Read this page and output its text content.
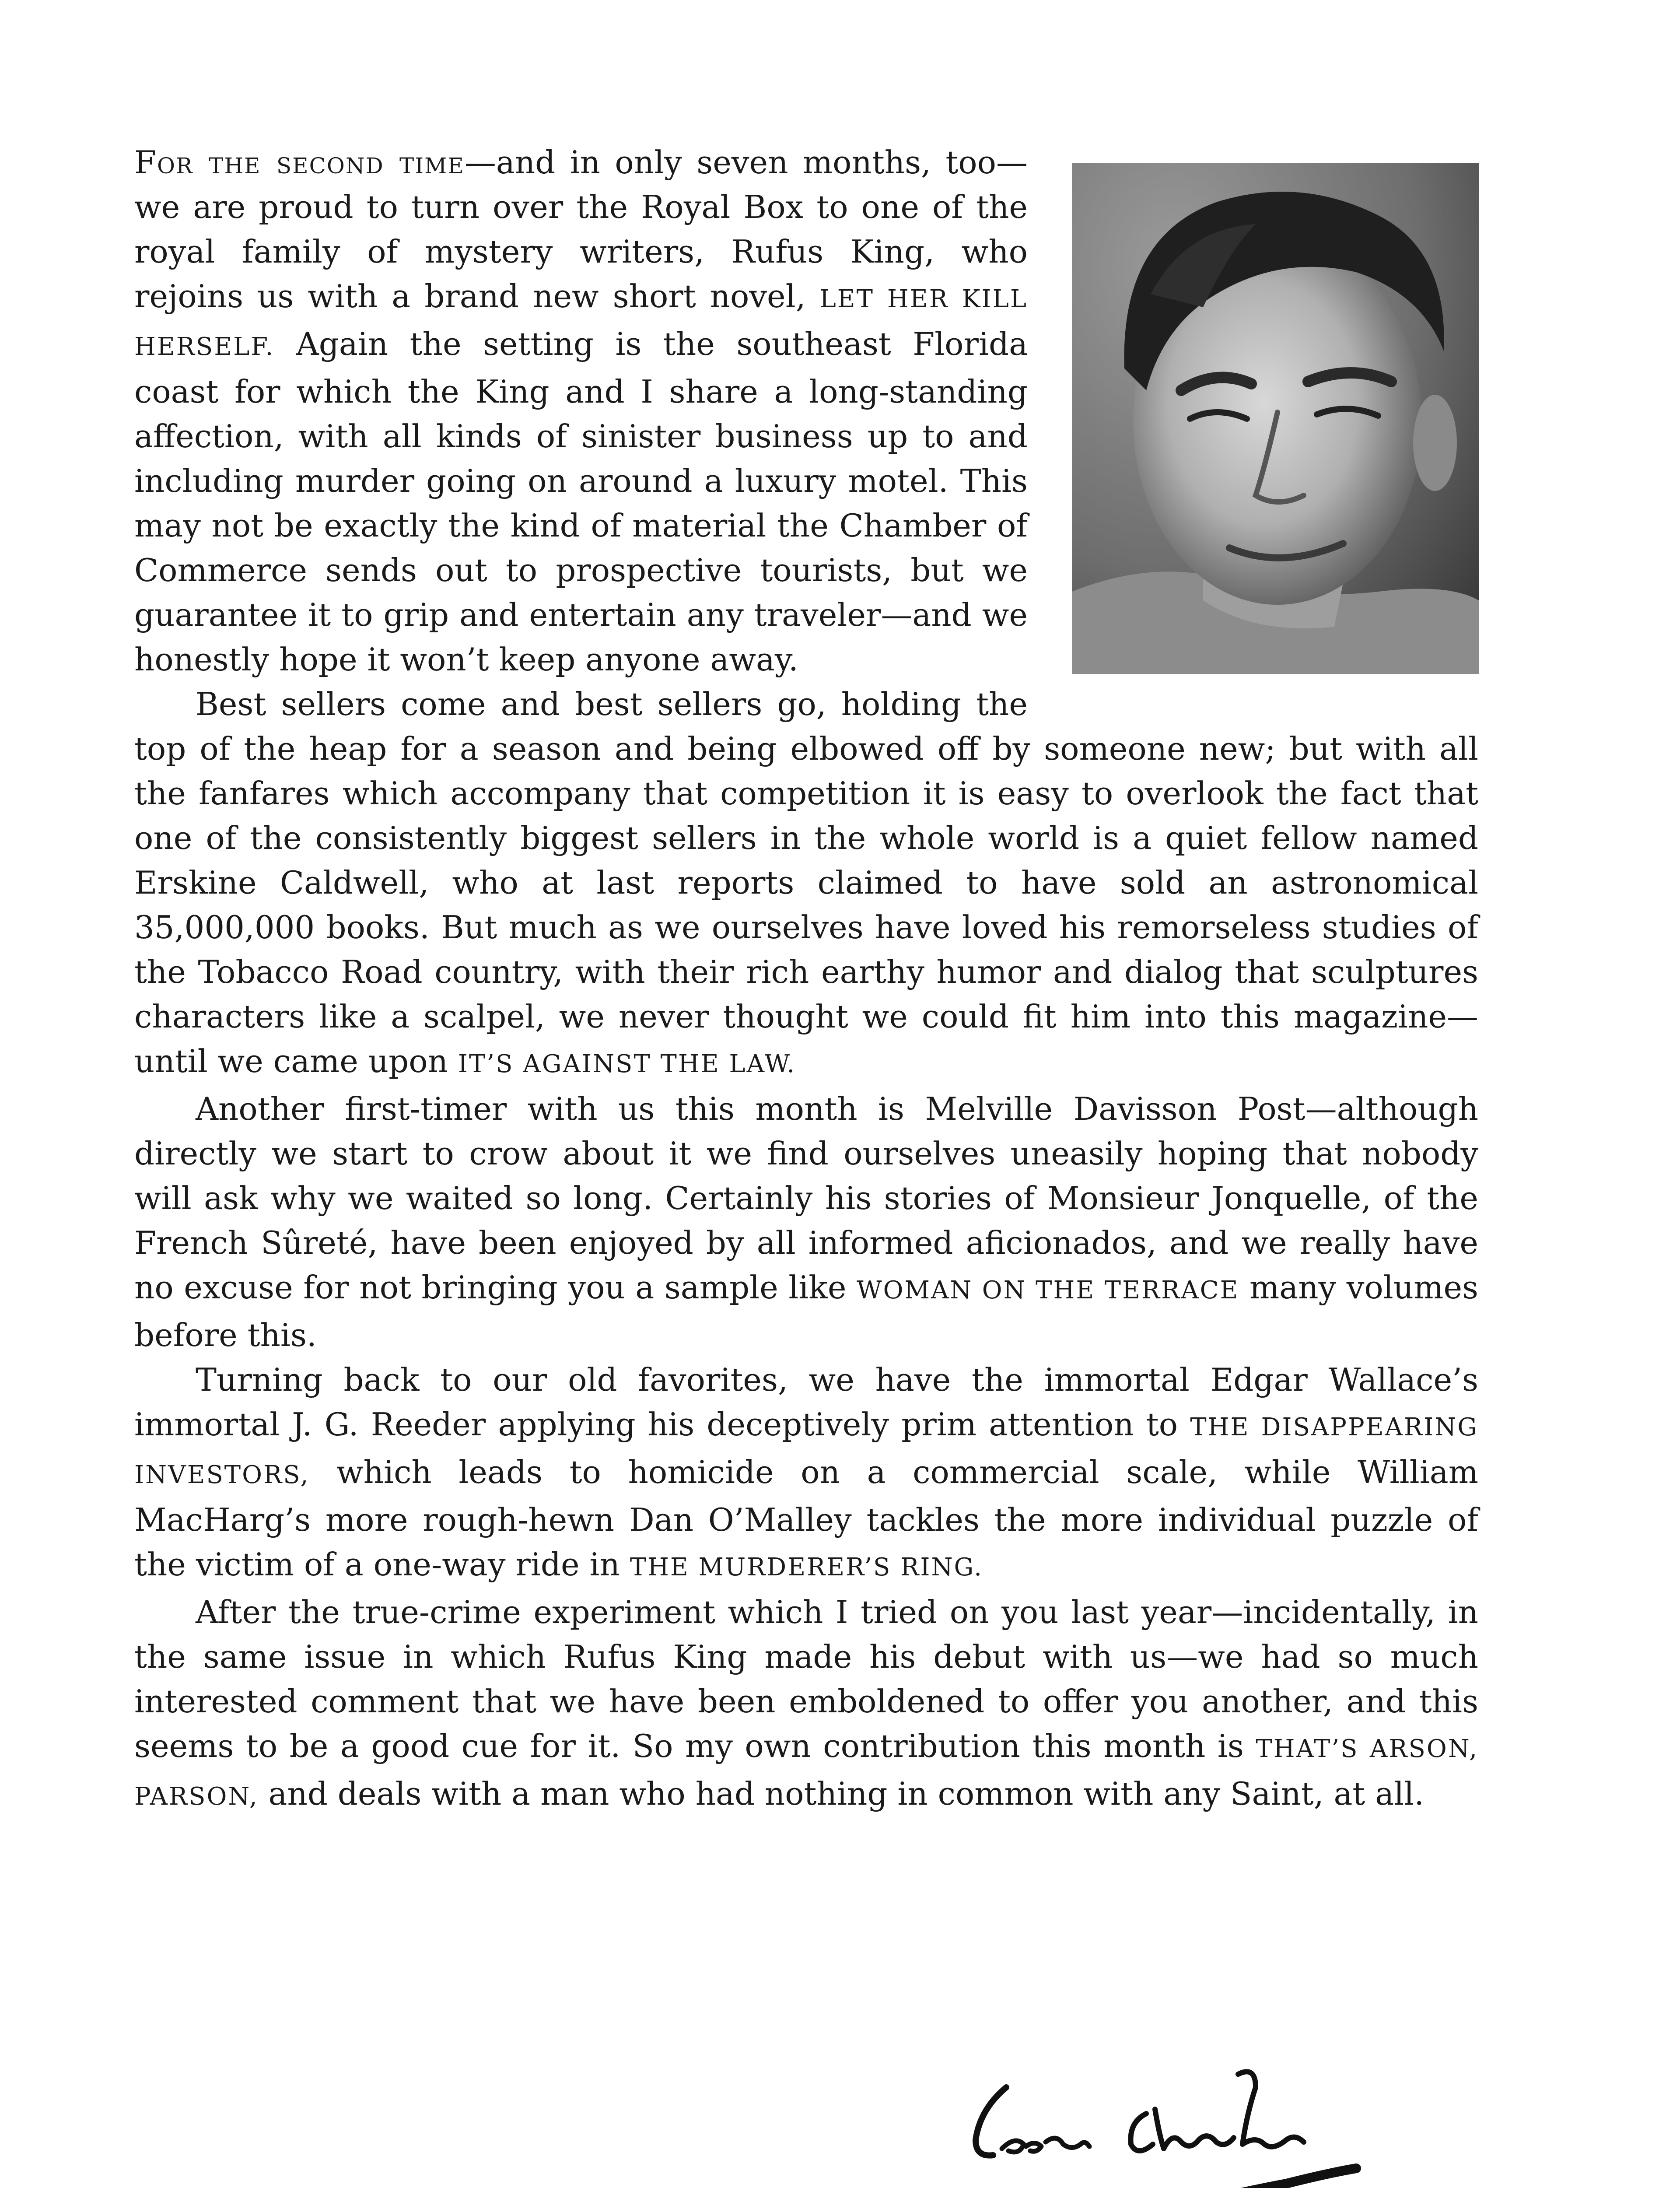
For the second time—and in only seven months, too—we are proud to turn over the Royal Box to one of the royal family of mystery writers, Rufus King, who rejoins us with a brand new short novel, LET HER KILL HERSELF. Again the setting is the southeast Florida coast for which the King and I share a long-standing affection, with all kinds of sinister business up to and including murder going on around a luxury motel. This may not be exactly the kind of material the Chamber of Commerce sends out to prospective tourists, but we guarantee it to grip and entertain any traveler—and we honestly hope it won’t keep anyone away.

Best sellers come and best sellers go, holding the top of the heap for a season and being elbowed off by someone new; but with all the fanfares which accompany that competition it is easy to overlook the fact that one of the consistently biggest sellers in the whole world is a quiet fellow named Erskine Caldwell, who at last reports claimed to have sold an astronomical 35,000,000 books. But much as we ourselves have loved his remorseless studies of the Tobacco Road country, with their rich earthy humor and dialog that sculptures characters like a scalpel, we never thought we could fit him into this magazine—until we came upon IT’S AGAINST THE LAW.

Another first-timer with us this month is Melville Davisson Post—although directly we start to crow about it we find ourselves uneasily hoping that nobody will ask why we waited so long. Certainly his stories of Monsieur Jonquelle, of the French Sûreté, have been enjoyed by all informed aficionados, and we really have no excuse for not bringing you a sample like WOMAN ON THE TERRACE many volumes before this.

Turning back to our old favorites, we have the immortal Edgar Wallace’s immortal J. G. Reeder applying his deceptively prim attention to THE DISAPPEARING INVESTORS, which leads to homicide on a commercial scale, while William MacHarg’s more rough-hewn Dan O’Malley tackles the more individual puzzle of the victim of a one-way ride in THE MURDERER’S RING.

After the true-crime experiment which I tried on you last year—incidentally, in the same issue in which Rufus King made his debut with us—we had so much interested comment that we have been emboldened to offer you another, and this seems to be a good cue for it. So my own contribution this month is THAT’S ARSON, PARSON, and deals with a man who had nothing in common with any Saint, at all.
